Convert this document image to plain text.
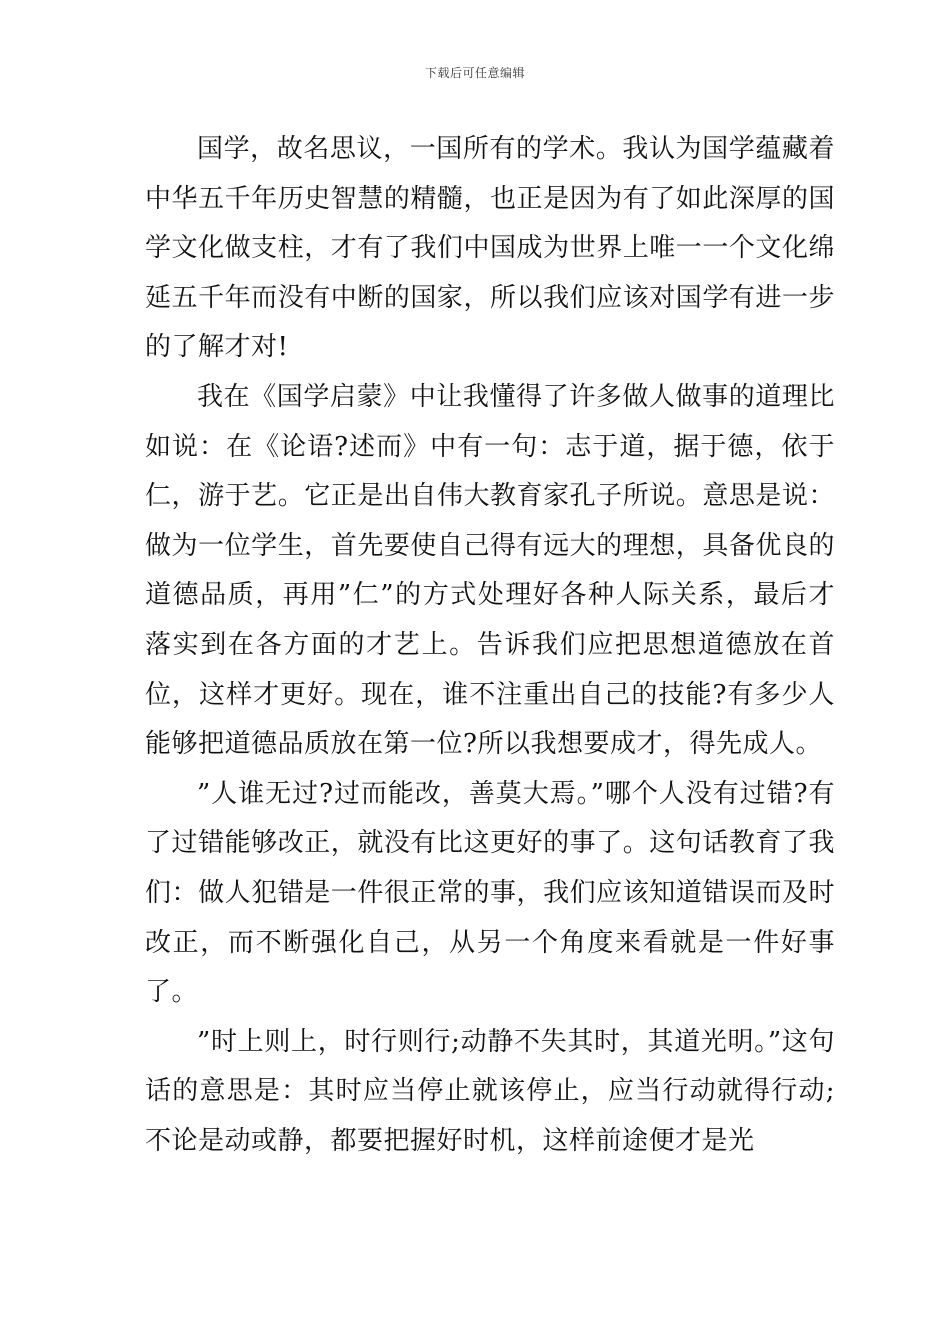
下载后可任意编辑

国学，故名思议，一国所有的学术。我认为国学蕴藏着中华五千年历史智慧的精髓，也正是因为有了如此深厚的国学文化做支柱，才有了我们中国成为世界上唯一一个文化绵延五千年而没有中断的国家，所以我们应该对国学有进一步的了解才对!

我在《国学启蒙》中让我懂得了许多做人做事的道理比如说：在《论语?述而》中有一句：志于道，据于德，依于仁，游于艺。它正是出自伟大教育家孔子所说。意思是说：做为一位学生，首先要使自己得有远大的理想，具备优良的道德品质，再用”仁”的方式处理好各种人际关系，最后才落实到在各方面的才艺上。告诉我们应把思想道德放在首位，这样才更好。现在，谁不注重出自己的技能?有多少人能够把道德品质放在第一位?所以我想要成才，得先成人。

”人谁无过?过而能改，善莫大焉。”哪个人没有过错?有了过错能够改正，就没有比这更好的事了。这句话教育了我们：做人犯错是一件很正常的事，我们应该知道错误而及时改正，而不断强化自己，从另一个角度来看就是一件好事了。

”时上则上，时行则行;动静不失其时，其道光明。”这句话的意思是：其时应当停止就该停止，应当行动就得行动;不论是动或静，都要把握好时机，这样前途便才是光
